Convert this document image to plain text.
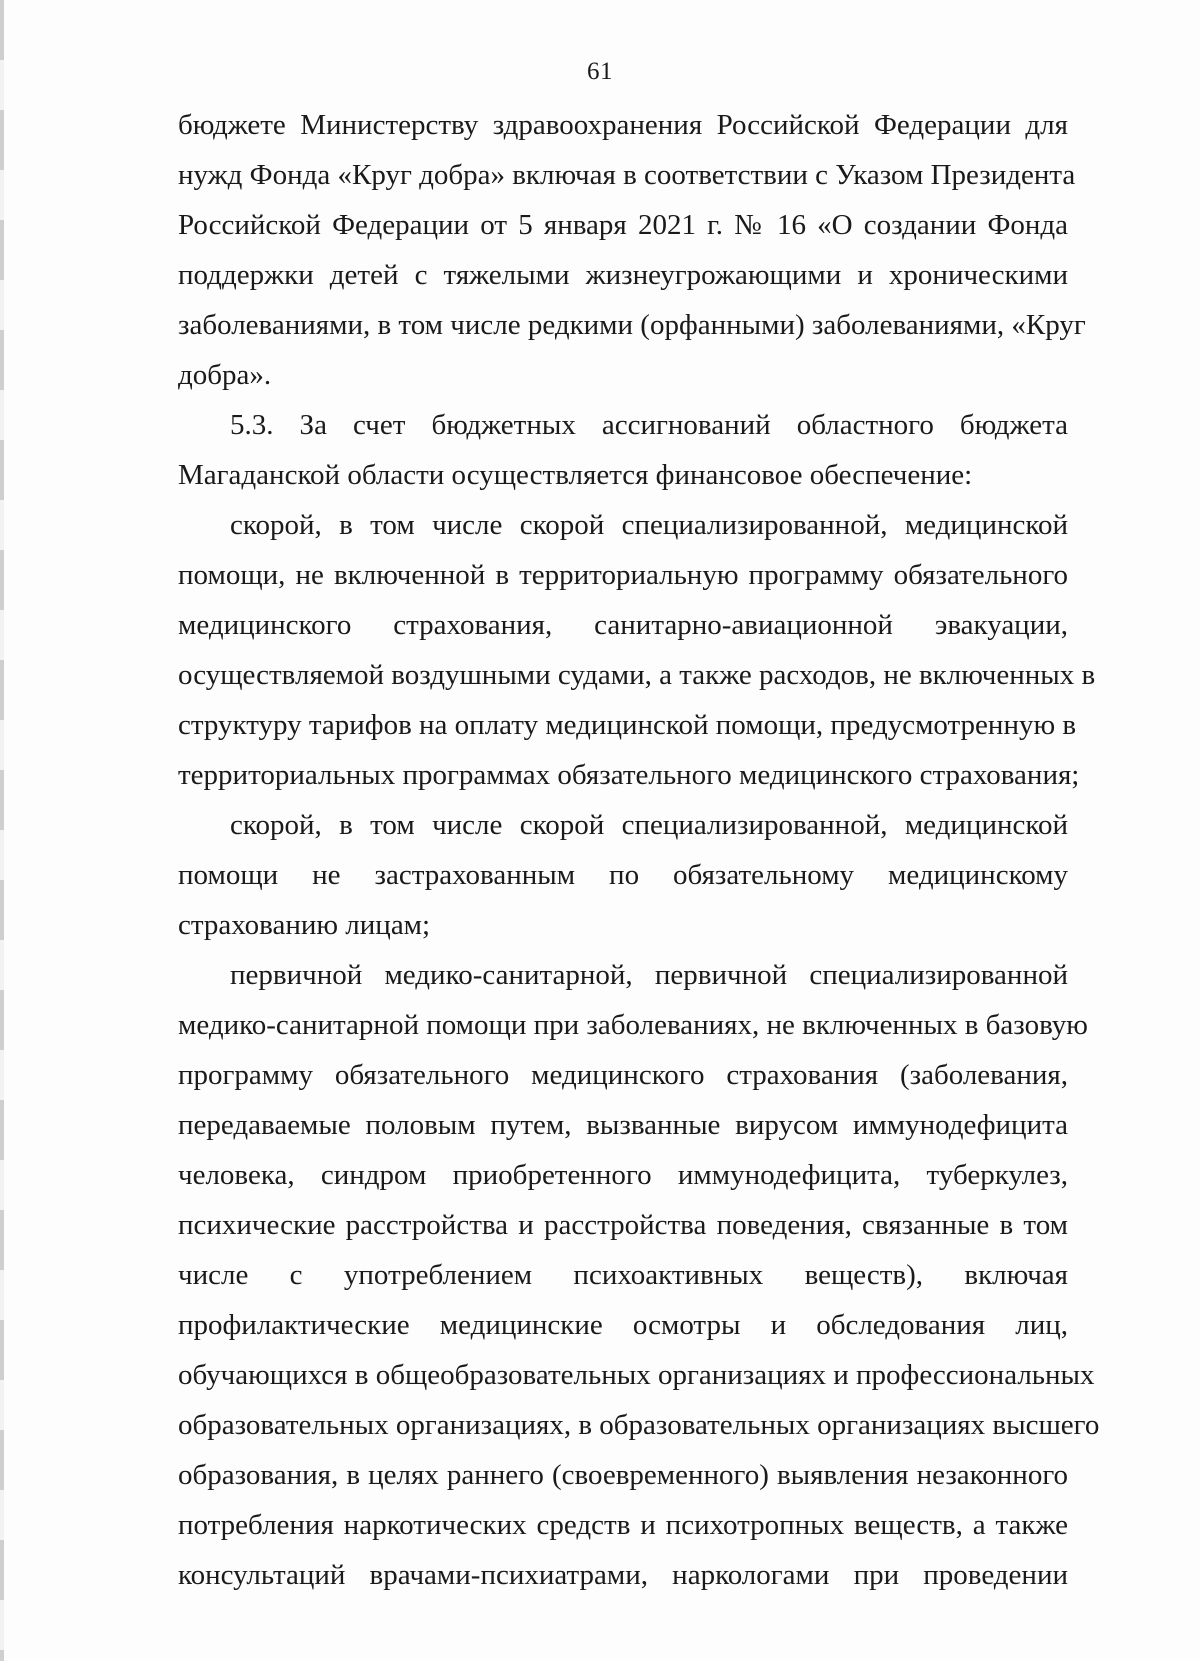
61
бюджете Министерству здравоохранения Российской Федерации для
нужд Фонда «Круг добра» включая в соответствии с Указом Президента
Российской Федерации от 5 января 2021 г. № 16 «О создании Фонда
поддержки детей с тяжелыми жизнеугрожающими и хроническими
заболеваниями, в том числе редкими (орфанными) заболеваниями, «Круг
добра».
5.3. За счет бюджетных ассигнований областного бюджета
Магаданской области осуществляется финансовое обеспечение:
скорой, в том числе скорой специализированной, медицинской
помощи, не включенной в территориальную программу обязательного
медицинского страхования, санитарно-авиационной эвакуации,
осуществляемой воздушными судами, а также расходов, не включенных в
структуру тарифов на оплату медицинской помощи, предусмотренную в
территориальных программах обязательного медицинского страхования;
скорой, в том числе скорой специализированной, медицинской
помощи не застрахованным по обязательному медицинскому
страхованию лицам;
первичной медико-санитарной, первичной специализированной
медико-санитарной помощи при заболеваниях, не включенных в базовую
программу обязательного медицинского страхования (заболевания,
передаваемые половым путем, вызванные вирусом иммунодефицита
человека, синдром приобретенного иммунодефицита, туберкулез,
психические расстройства и расстройства поведения, связанные в том
числе с употреблением психоактивных веществ), включая
профилактические медицинские осмотры и обследования лиц,
обучающихся в общеобразовательных организациях и профессиональных
образовательных организациях, в образовательных организациях высшего
образования, в целях раннего (своевременного) выявления незаконного
потребления наркотических средств и психотропных веществ, а также
консультаций врачами-психиатрами, наркологами при проведении
